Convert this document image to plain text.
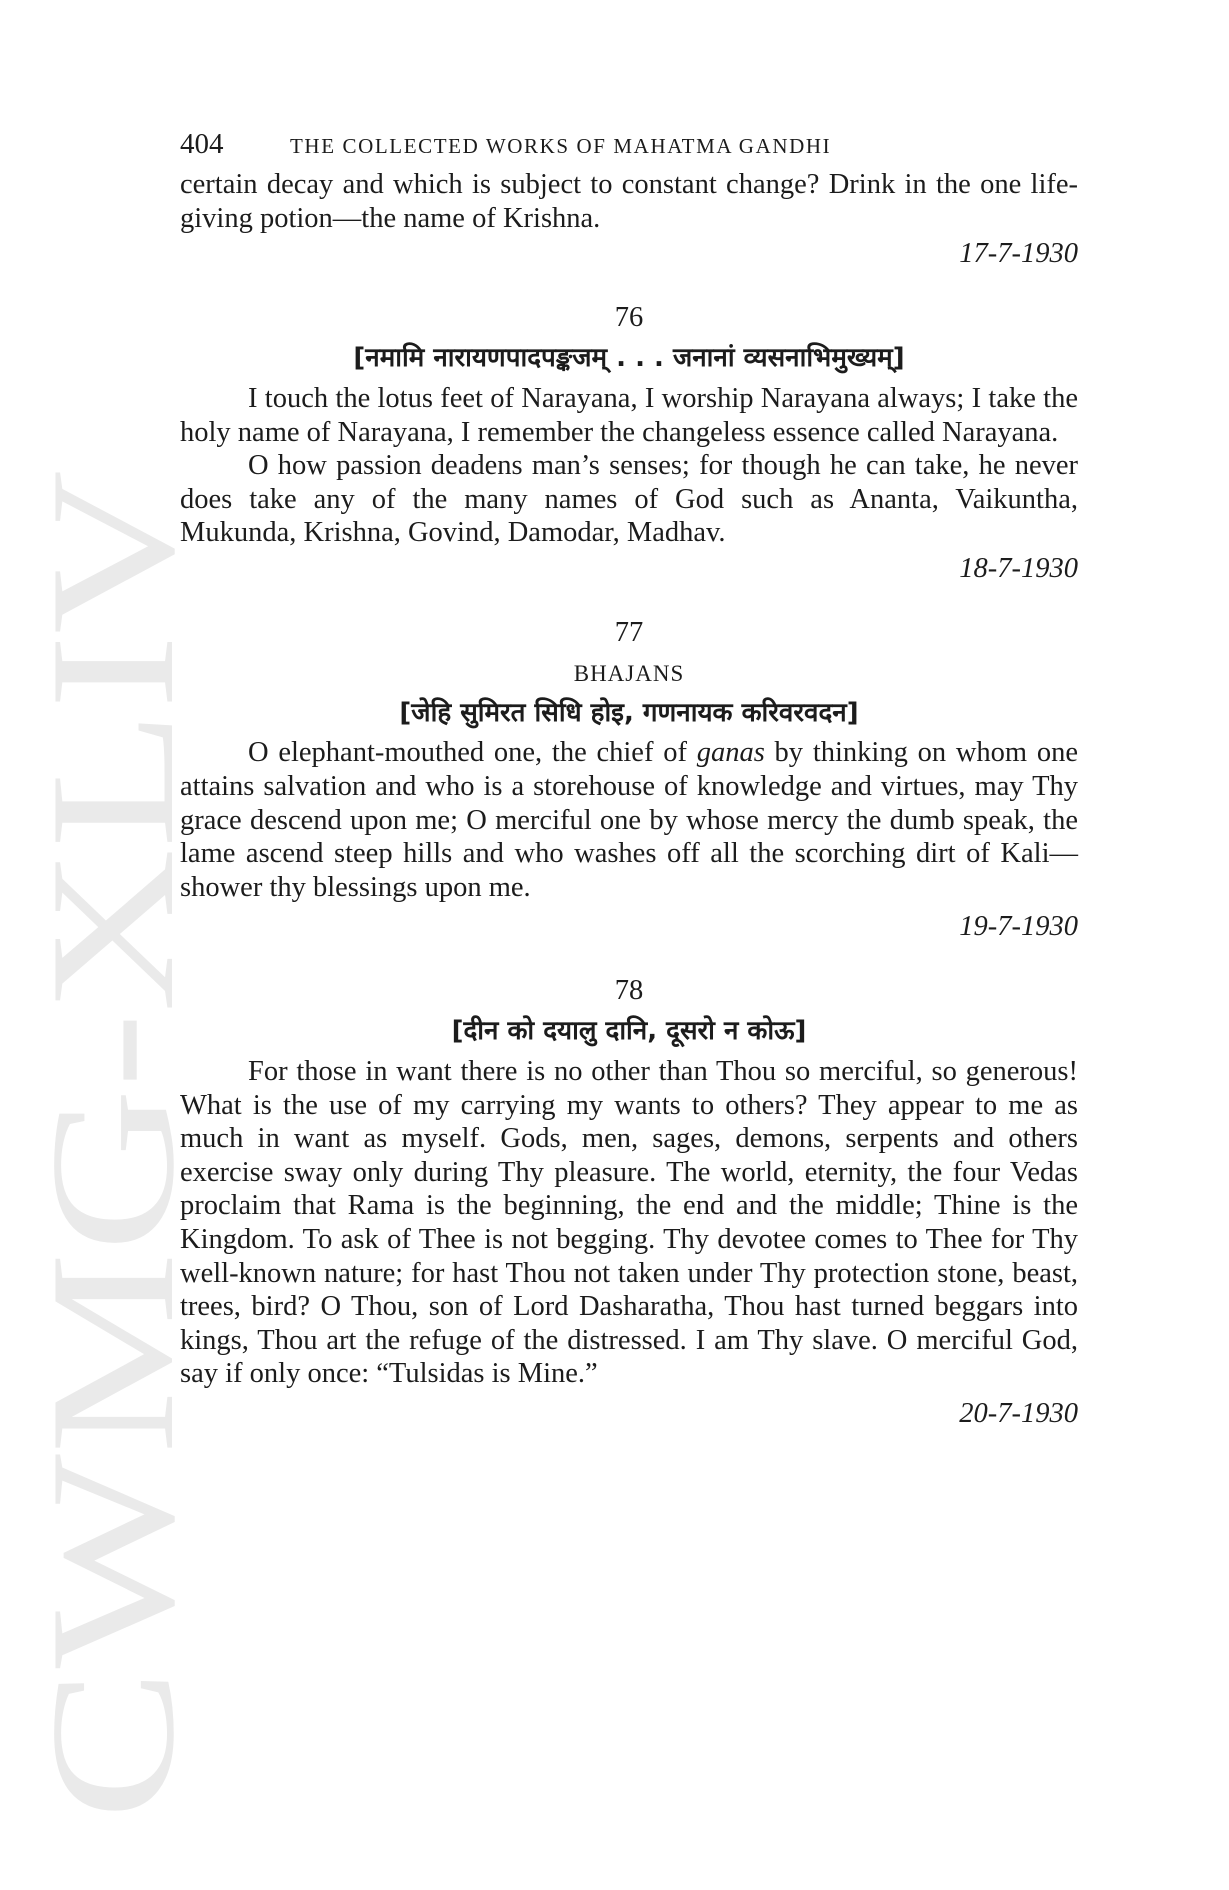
CWMG-XLIV
404	THE COLLECTED WORKS OF MAHATMA GANDHI

certain decay and which is subject to constant change? Drink in the one life-giving potion—the name of Krishna.

17-7-1930

76
[नमामि नारायणपादपङ्कजम् . . . जनानां व्यसनाभिमुख्यम्]

I touch the lotus feet of Narayana, I worship Narayana always; I take the holy name of Narayana, I remember the changeless essence called Narayana.

O how passion deadens man’s senses; for though he can take, he never does take any of the many names of God such as Ananta, Vaikuntha, Mukunda, Krishna, Govind, Damodar, Madhav.

18-7-1930

77
BHAJANS
[जेहि सुमिरत सिधि होइ, गणनायक करिवरवदन]

O elephant-mouthed one, the chief of ganas by thinking on whom one attains salvation and who is a storehouse of knowledge and virtues, may Thy grace descend upon me; O merciful one by whose mercy the dumb speak, the lame ascend steep hills and who washes off all the scorching dirt of Kali—shower thy blessings upon me.

19-7-1930

78
[दीन को दयालु दानि, दूसरो न कोऊ]

For those in want there is no other than Thou so merciful, so generous! What is the use of my carrying my wants to others? They appear to me as much in want as myself. Gods, men, sages, demons, serpents and others exercise sway only during Thy pleasure. The world, eternity, the four Vedas proclaim that Rama is the beginning, the end and the middle; Thine is the Kingdom. To ask of Thee is not begging. Thy devotee comes to Thee for Thy well-known nature; for hast Thou not taken under Thy protection stone, beast, trees, bird? O Thou, son of Lord Dasharatha, Thou hast turned beggars into kings, Thou art the refuge of the distressed. I am Thy slave. O merciful God, say if only once: “Tulsidas is Mine.”

20-7-1930
